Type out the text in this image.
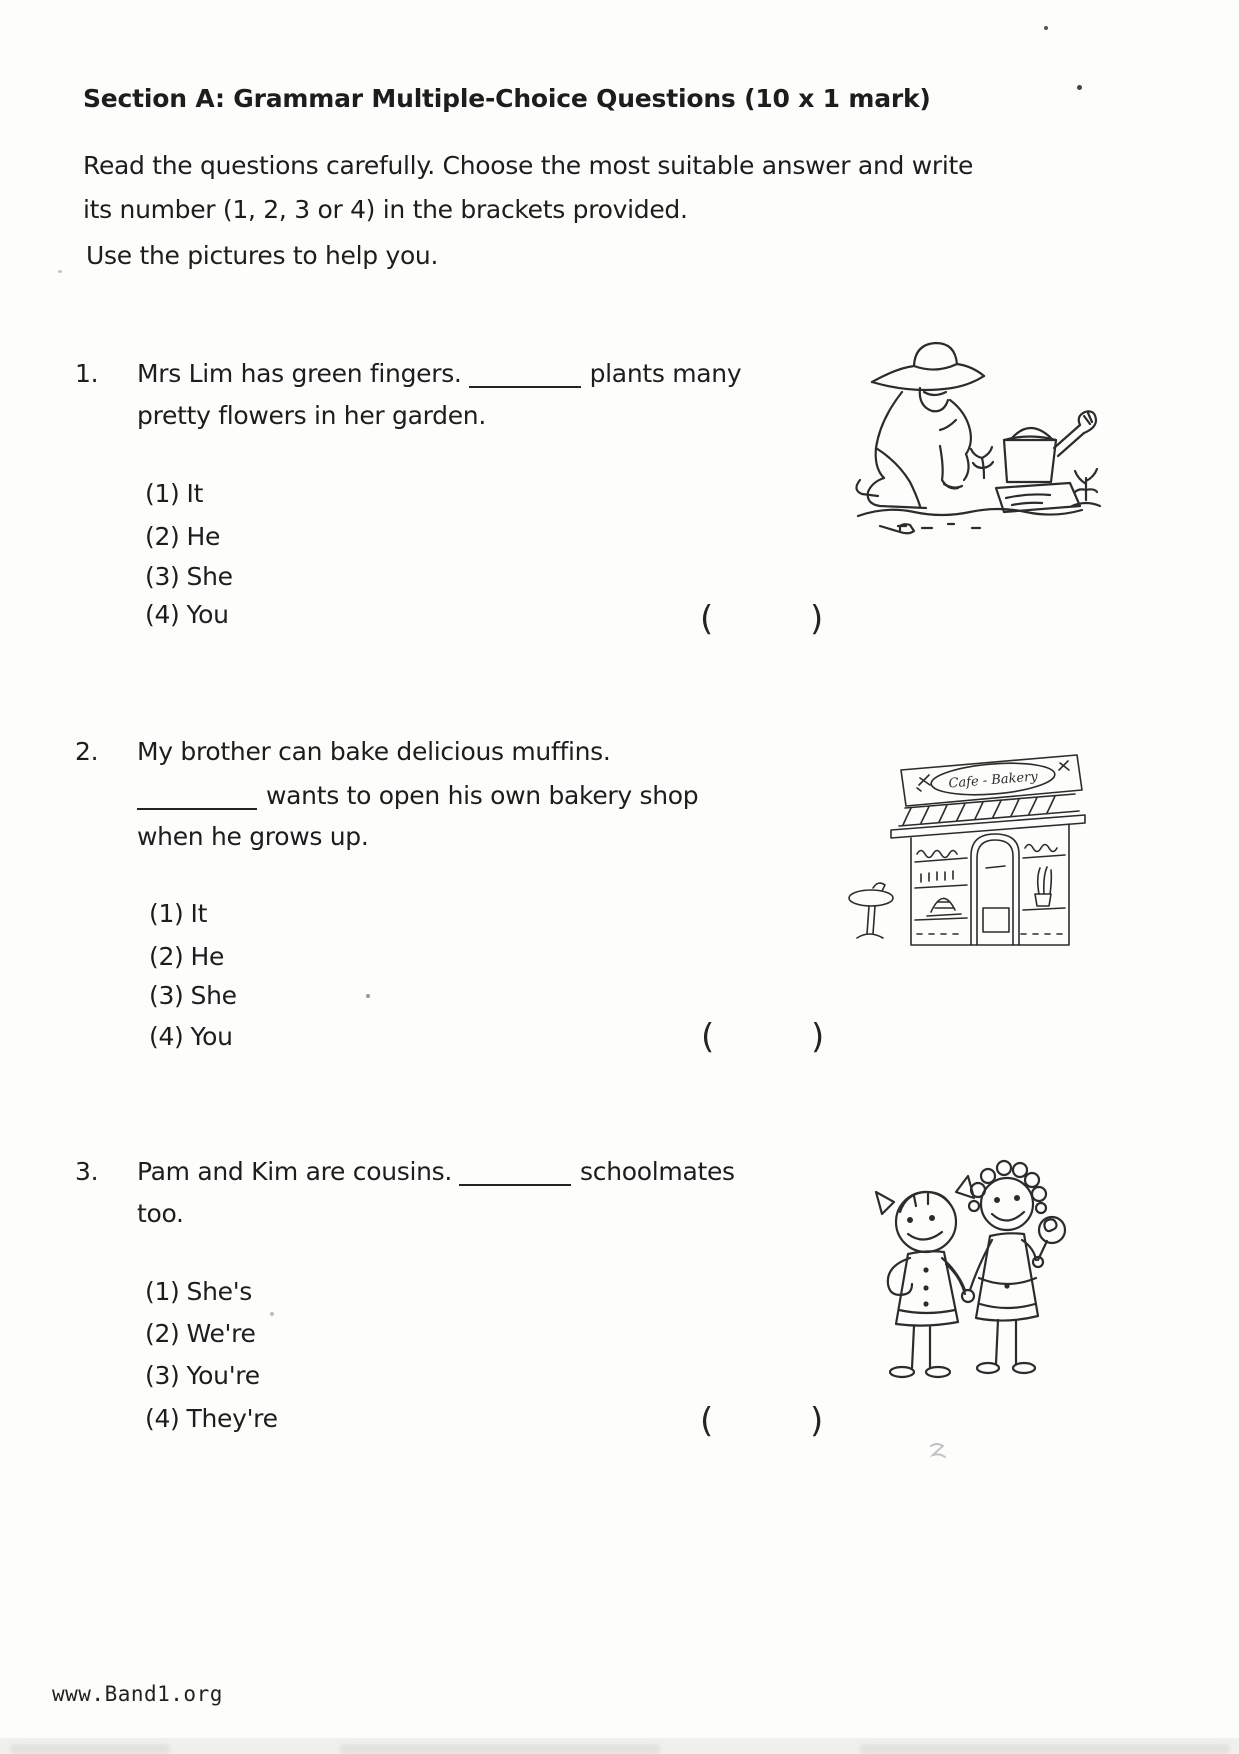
Section A: Grammar Multiple-Choice Questions (10 x 1 mark)
Read the questions carefully. Choose the most suitable answer and write
its number (1, 2, 3 or 4) in the brackets provided.
Use the pictures to help you.
1. Mrs Lim has green fingers.	plants many
pretty flowers in her garden.
(1) It
(2) He
(3) She
(4) You	(	)
2. My brother can bake delicious muffins.
wants to open his own bakery shop
when he grows up.
(1) It
(2) He
(3) She
(4) You	(	)
Cafe - Bakery
3. Pam and Kim are cousins.	schoolmates
too.
(1) She's
(2) We're
(3) You're
(4) They're	(	)
www.Band1.org
